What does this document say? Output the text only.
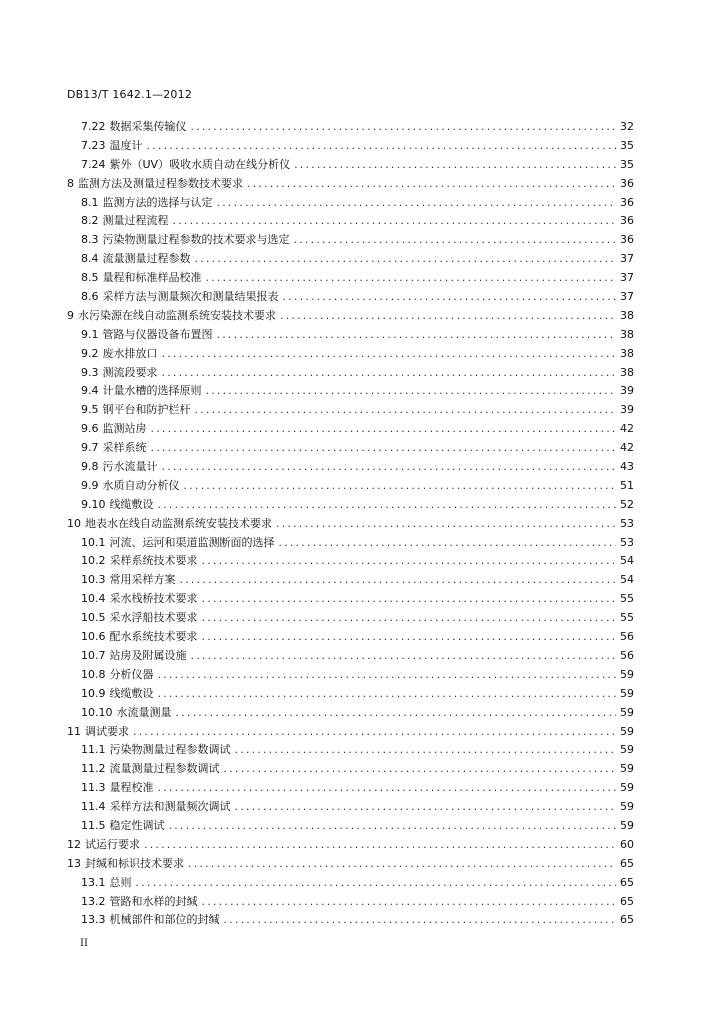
DB13/T 1642.1—2012
7.22 数据采集传输仪 .....	32
7.23 温度计 .....	35
7.24 紫外（UV）吸收水质自动在线分析仪 .....	35
8 监测方法及测量过程参数技术要求 .....	36
8.1 监测方法的选择与认定 .....	36
8.2 测量过程流程 .....	36
8.3 污染物测量过程参数的技术要求与选定 .....	36
8.4 流量测量过程参数 .....	37
8.5 量程和标准样品校准 .....	37
8.6 采样方法与测量频次和测量结果报表 .....	37
9 水污染源在线自动监测系统安装技术要求 .....	38
9.1 管路与仪器设备布置图 .....	38
9.2 废水排放口 .....	38
9.3 测流段要求 .....	38
9.4 计量水槽的选择原则 .....	39
9.5 钢平台和防护栏杆 .....	39
9.6 监测站房 .....	42
9.7 采样系统 .....	42
9.8 污水流量计 .....	43
9.9 水质自动分析仪 .....	51
9.10 线缆敷设 .....	52
10 地表水在线自动监测系统安装技术要求 .....	53
10.1 河流、运河和渠道监测断面的选择 .....	53
10.2 采样系统技术要求 .....	54
10.3 常用采样方案 .....	54
10.4 采水栈桥技术要求 .....	55
10.5 采水浮船技术要求 .....	55
10.6 配水系统技术要求 .....	56
10.7 站房及附属设施 .....	56
10.8 分析仪器 .....	59
10.9 线缆敷设 .....	59
10.10 水流量测量 .....	59
11 调试要求 .....	59
11.1 污染物测量过程参数调试 .....	59
11.2 流量测量过程参数调试 .....	59
11.3 量程校准 .....	59
11.4 采样方法和测量频次调试 .....	59
11.5 稳定性调试 .....	59
12 试运行要求 .....	60
13 封缄和标识技术要求 .....	65
13.1 总则 .....	65
13.2 管路和水样的封缄 .....	65
13.3 机械部件和部位的封缄 .....	65
II
